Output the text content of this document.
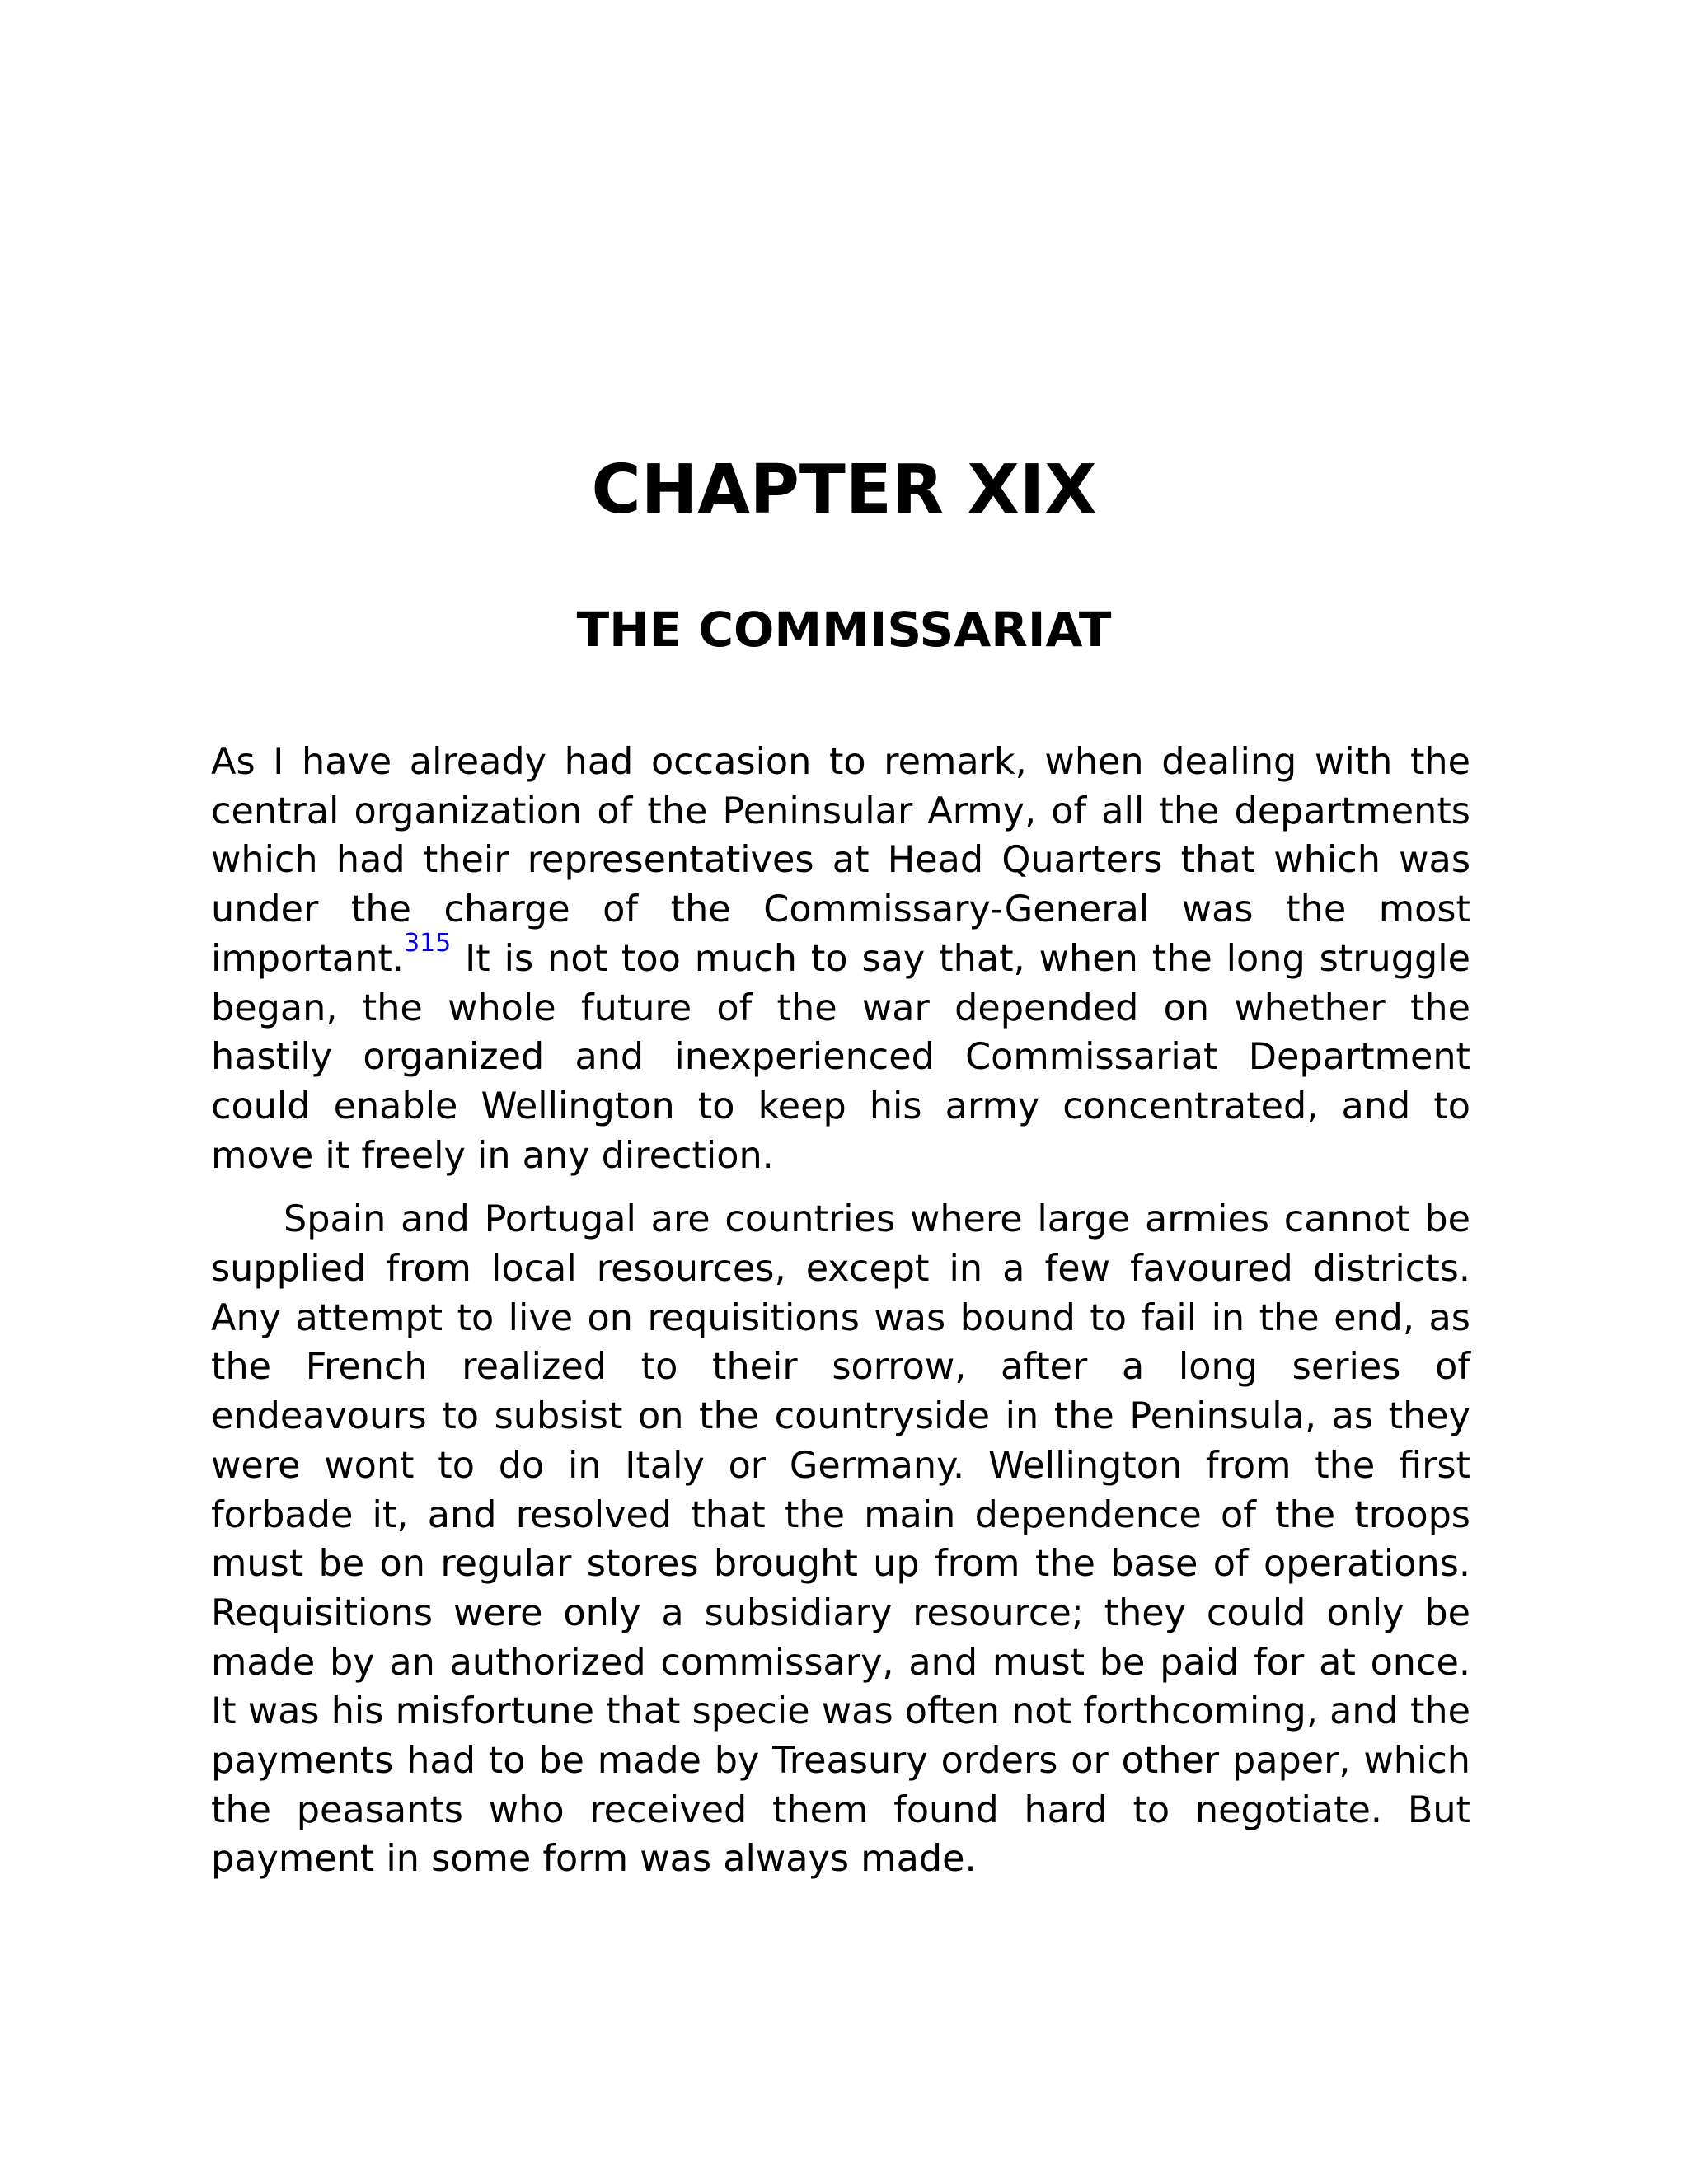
CHAPTER XIX
THE COMMISSARIAT

As I have already had occasion to remark, when dealing with the central organization of the Peninsular Army, of all the departments which had their representatives at Head Quarters that which was under the charge of the Commissary-General was the most important.$^{315}$ It is not too much to say that, when the long struggle began, the whole future of the war depended on whether the hastily organized and inexperienced Commissariat Department could enable Wellington to keep his army concentrated, and to move it freely in any direction.

Spain and Portugal are countries where large armies cannot be supplied from local resources, except in a few favoured districts. Any attempt to live on requisitions was bound to fail in the end, as the French realized to their sorrow, after a long series of endeavours to subsist on the countryside in the Peninsula, as they were wont to do in Italy or Germany. Wellington from the first forbade it, and resolved that the main dependence of the troops must be on regular stores brought up from the base of operations. Requisitions were only a subsidiary resource; they could only be made by an authorized commissary, and must be paid for at once. It was his misfortune that specie was often not forthcoming, and the payments had to be made by Treasury orders or other paper, which the peasants who received them found hard to negotiate. But payment in some form was always made.
